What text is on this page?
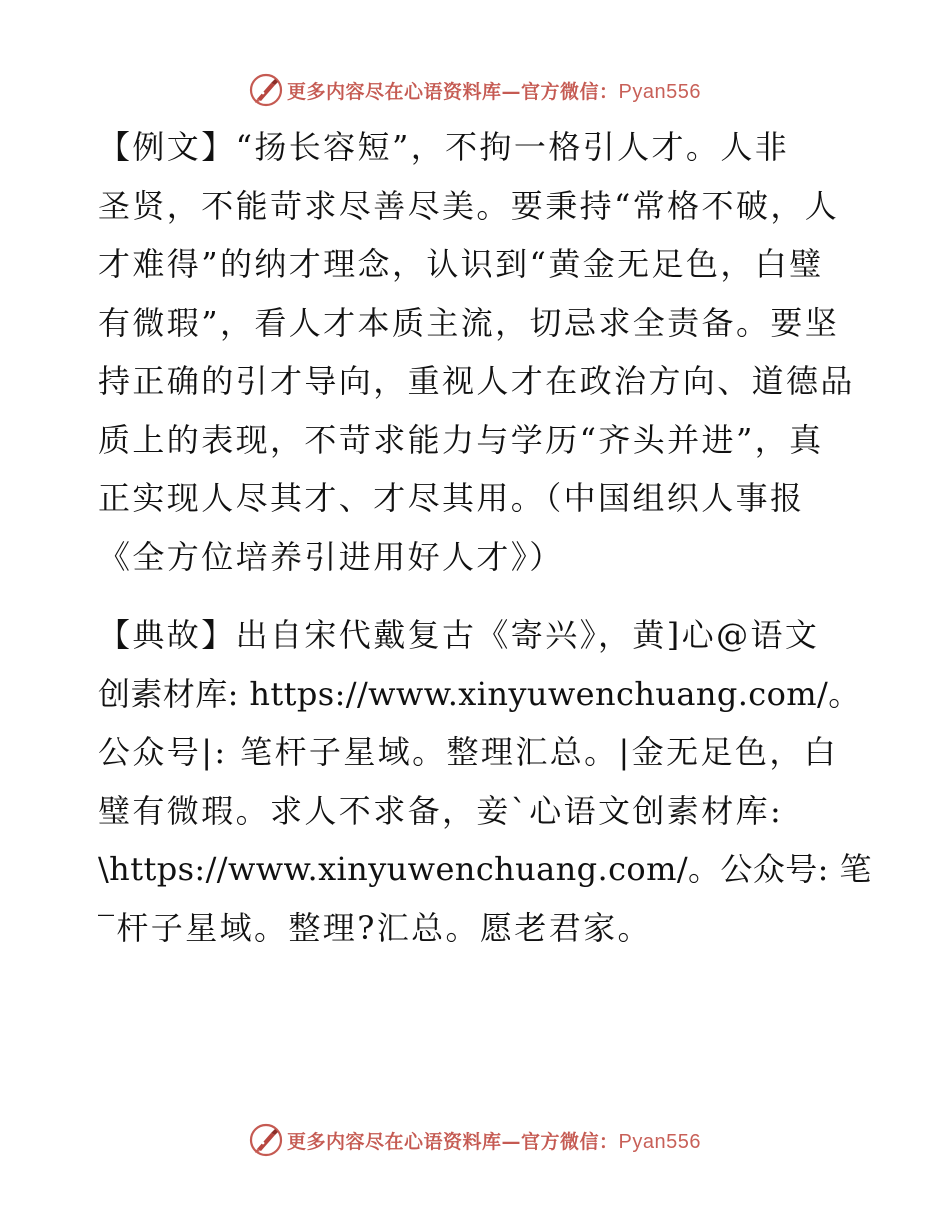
更多内容尽在心语资料库—官方微信：Pyan556
【例文】“扬长容短”，不拘一格引人才。人非
圣贤，不能苛求尽善尽美。要秉持“常格不破，人
才难得”的纳才理念，认识到“黄金无足色，白璧
有微瑕”，看人才本质主流，切忌求全责备。要坚
持正确的引才导向，重视人才在政治方向、道德品
质上的表现，不苛求能力与学历“齐头并进”，真
正实现人尽其才、才尽其用。（中国组织人事报
《全方位培养引进用好人才》）
【典故】出自宋代戴复古《寄兴》，黄]心@语文
创素材库: https://www.xinyuwenchuang.com/。
公众号|: 笔杆子星域。整理汇总。|金无足色，白
璧有微瑕。求人不求备，妾`心语文创素材库:
\https://www.xinyuwenchuang.com/。公众号: 笔
‾杆子星域。整理?汇总。愿老君家。
更多内容尽在心语资料库—官方微信：Pyan556
